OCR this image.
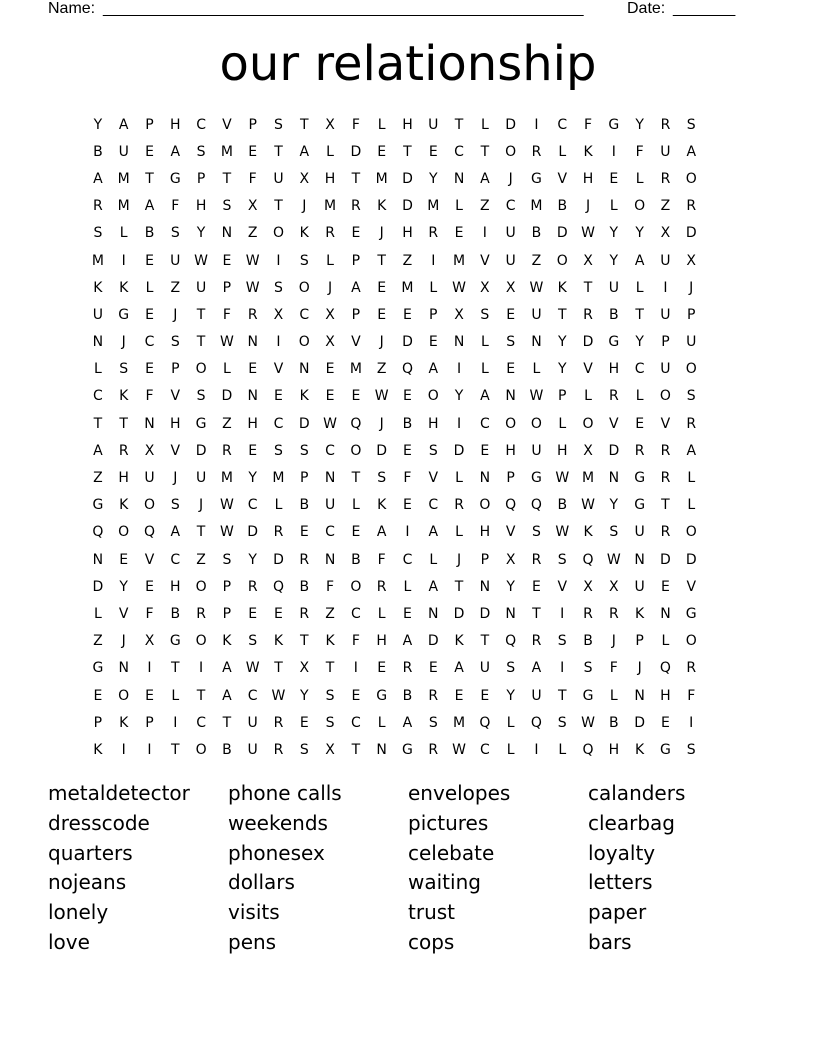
Name: ______________________________________________________	Date: _______
our relationship
Y	A	P	H	C	V	P	S	T	X	F	L	H	U	T	L	D	I	C	F	G	Y	R	S
B	U	E	A	S	M	E	T	A	L	D	E	T	E	C	T	O	R	L	K	I	F	U	A
A	M	T	G	P	T	F	U	X	H	T	M	D	Y	N	A	J	G	V	H	E	L	R	O
R	M	A	F	H	S	X	T	J	M	R	K	D	M	L	Z	C	M	B	J	L	O	Z	R
S	L	B	S	Y	N	Z	O	K	R	E	J	H	R	E	I	U	B	D W	Y	Y	X	D
M	I	E	U W	E	W	I	S	L	P	T	Z	I	M	V	U	Z	O	X	Y	A	U	X
K	K	L	Z	U	P	W	S	O	J	A	E	M	L	W	X	X	W	K	T	U	L	I	J
U	G	E	J	T	F	R	X	C	X	P	E	E	P	X	S	E	U	T	R	B	T	U	P
N	J	C	S	T	W N	I	O	X	V	J	D	E	N	L	S	N	Y	D	G	Y	P	U
L	S	E	P	O	L	E	V	N	E	M	Z	Q	A	I	L	E	L	Y	V	H	C	U	O
C	K	F	V	S	D	N	E	K	E	E	W	E	O	Y	A	N W	P	L	R	L	O	S
T	T	N	H	G	Z	H	C	D W Q	J	B	H	I	C	O	O	L	O	V	E	V	R
A	R	X	V	D	R	E	S	S	C	O	D	E	S	D	E	H	U	H	X	D	R	R	A
Z	H	U	J	U	M	Y	M	P	N	T	S	F	V	L	N	P	G W M	N	G	R	L
G	K	O	S	J	W C	L	B	U	L	K	E	C	R	O	Q	Q	B	W	Y	G	T	L
Q	O	Q	A	T	W D	R	E	C	E	A	I	A	L	H	V	S	W	K	S	U	R	O
N	E	V	C	Z	S	Y	D	R	N	B	F	C	L	J	P	X	R	S	Q W N	D	D
D	Y	E	H	O	P	R	Q	B	F	O	R	L	A	T	N	Y	E	V	X	X	U	E	V
L	V	F	B	R	P	E	E	R	Z	C	L	E	N	D	D	N	T	I	R	R	K	N	G
Z	J	X	G	O	K	S	K	T	K	F	H	A	D	K	T	Q	R	S	B	J	P	L	O
G	N	I	T	I	A	W	T	X	T	I	E	R	E	A	U	S	A	I	S	F	J	Q	R
E	O	E	L	T	A	C W	Y	S	E	G	B	R	E	E	Y	U	T	G	L	N	H	F
P	K	P	I	C	T	U	R	E	S	C	L	A	S	M	Q	L	Q	S	W	B	D	E	I
K	I	I	T	O	B	U	R	S	X	T	N	G	R	W C	L	I	L	Q	H	K	G	S
metaldetector
dresscode
quarters
nojeans
lonely
love
phone calls
weekends
phonesex
dollars
visits
pens
envelopes
pictures
celebate
waiting
trust
cops
calanders
clearbag
loyalty
letters
paper
bars
